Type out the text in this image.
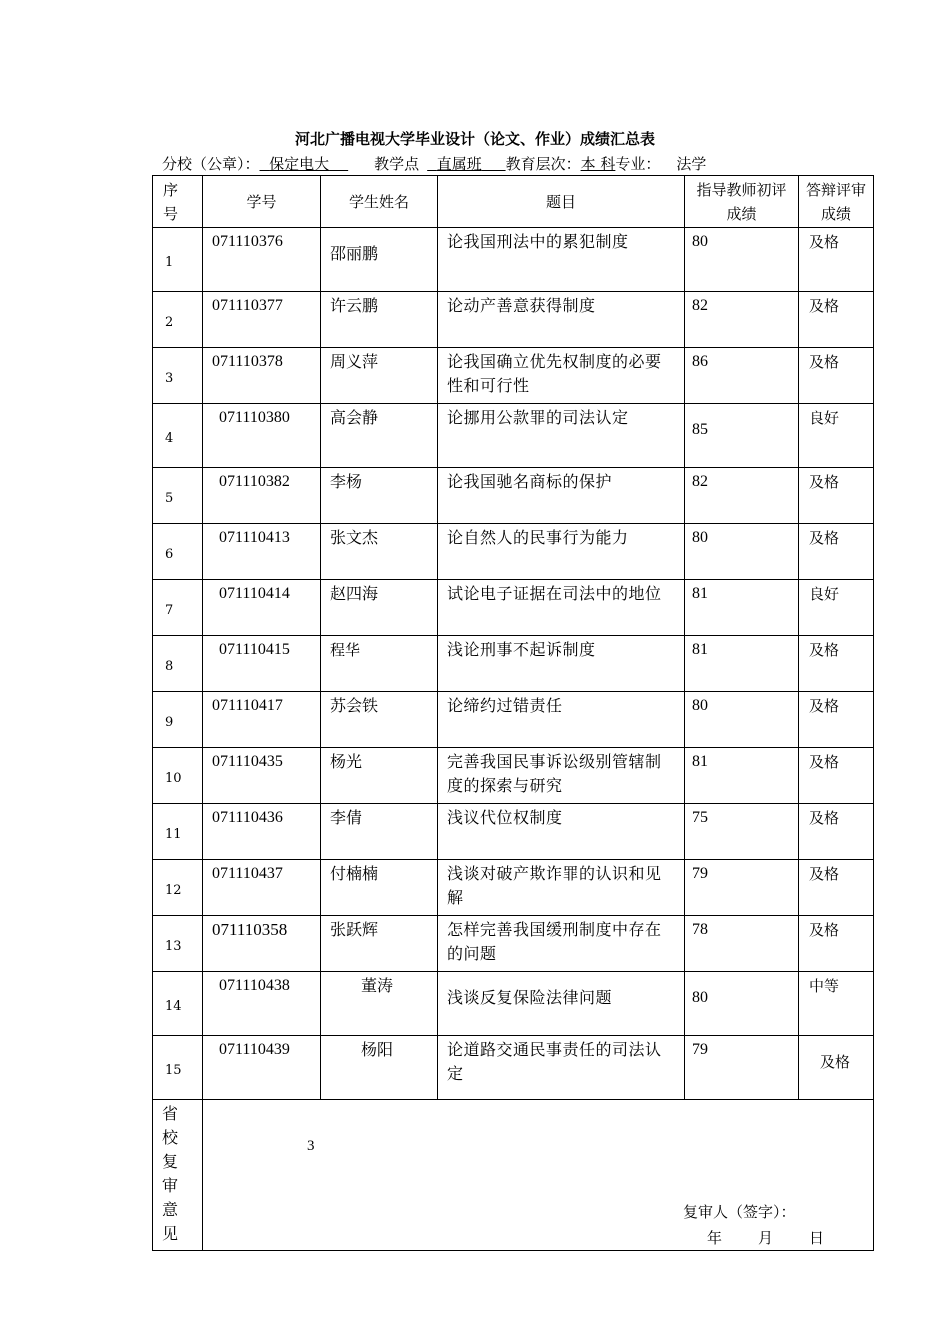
河北广播电视大学毕业设计（论文、作业）成绩汇总表
分校（公章）： 保定电大	教学点 直属班 教育层次：本 科专业： 法学
序号	学号	学生姓名	题目	指导教师初评成绩	答辩评审成绩

1	071110376	邵丽鹏	论我国刑法中的累犯制度	80	及格
2	071110377	许云鹏	论动产善意获得制度	82	及格
3	071110378	周义萍	论我国确立优先权制度的必要性和可行性	86	及格
4	071110380	高会静	论挪用公款罪的司法认定	85	良好
5	071110382	李杨	论我国驰名商标的保护	82	及格
6	071110413	张文杰	论自然人的民事行为能力	80	及格
7	071110414	赵四海	试论电子证据在司法中的地位	81	良好
8	071110415	程华	浅论刑事不起诉制度	81	及格
9	071110417	苏会铁	论缔约过错责任	80	及格
10	071110435	杨光	完善我国民事诉讼级别管辖制度的探索与研究	81	及格
11	071110436	李倩	浅议代位权制度	75	及格
12	071110437	付楠楠	浅谈对破产欺诈罪的认识和见解	79	及格
13	071110358	张跃辉	怎样完善我国缓刑制度中存在的问题	78	及格
14	071110438	董涛	浅谈反复保险法律问题	80	中等
15	071110439	杨阳	论道路交通民事责任的司法认定	79	及格

省校复审意见	复审人（签字）：
年 月 日				
3
